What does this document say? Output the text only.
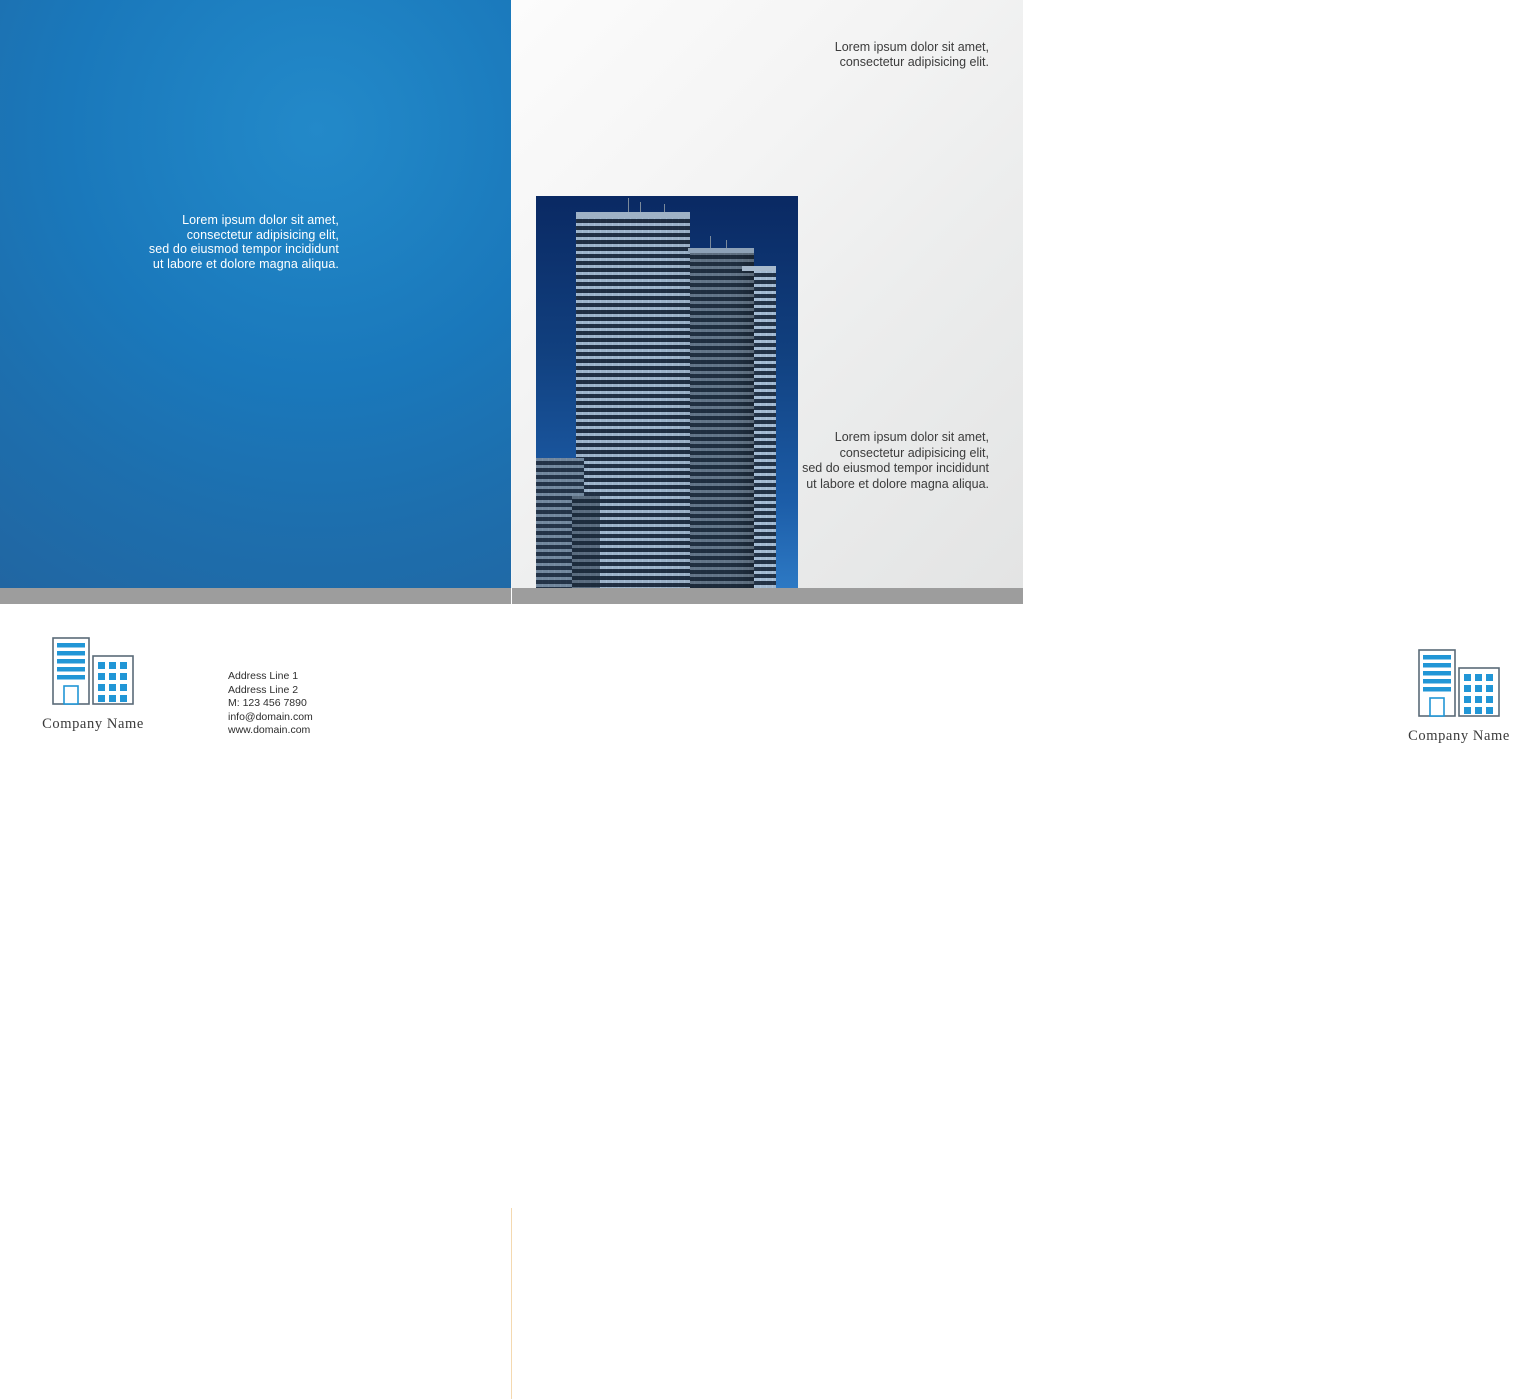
Lorem ipsum dolor sit amet,
consectetur adipisicing elit,
sed do eiusmod tempor incididunt
ut labore et dolore magna aliqua.
Lorem ipsum dolor sit amet,
consectetur adipisicing elit.
Lorem ipsum dolor sit amet,
consectetur adipisicing elit,
sed do eiusmod tempor incididunt
ut labore et dolore magna aliqua.
Company Name
Address Line 1
Address Line 2
M: 123 456 7890
info@domain.com
www.domain.com	Company Name
